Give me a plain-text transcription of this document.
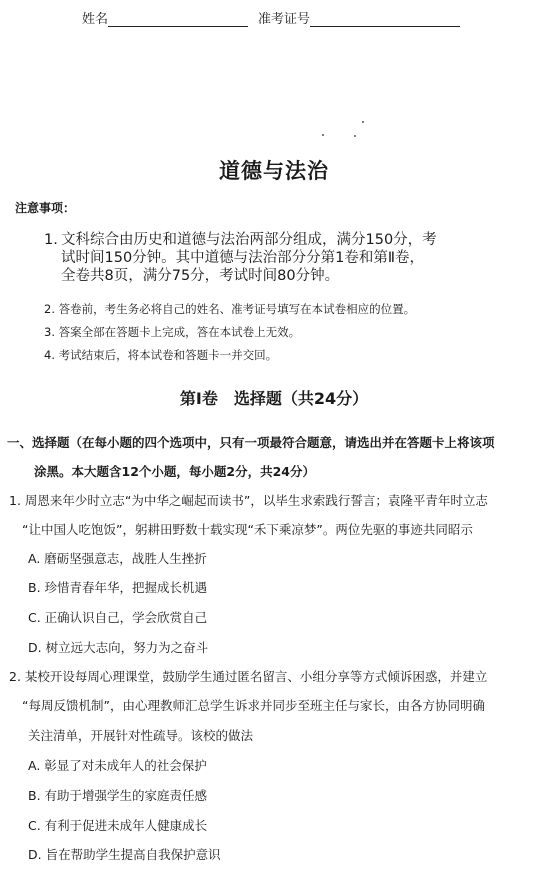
姓名	准考证号
道德与法治
注意事项：
1. 文科综合由历史和道德与法治两部分组成，满分150分，考
试时间150分钟。其中道德与法治部分分第1卷和第Ⅱ卷，
全卷共8页，满分75分，考试时间80分钟。
2. 答卷前，考生务必将自己的姓名、准考证号填写在本试卷相应的位置。
3. 答案全部在答题卡上完成，答在本试卷上无效。
4. 考试结束后，将本试卷和答题卡一并交回。
第Ⅰ卷　选择题（共24分）
一、选择题（在每小题的四个选项中，只有一项最符合题意，请选出并在答题卡上将该项
涂黑。本大题含12个小题，每小题2分，共24分）
1. 周恩来年少时立志“为中华之崛起而读书”，以毕生求索践行誓言；袁隆平青年时立志
“让中国人吃饱饭”，躬耕田野数十载实现“禾下乘凉梦”。两位先驱的事迹共同昭示
A. 磨砺坚强意志，战胜人生挫折
B. 珍惜青春年华，把握成长机遇
C. 正确认识自己，学会欣赏自己
D. 树立远大志向，努力为之奋斗
2. 某校开设每周心理课堂，鼓励学生通过匿名留言、小组分享等方式倾诉困惑，并建立
“每周反馈机制”，由心理教师汇总学生诉求并同步至班主任与家长，由各方协同明确
关注清单，开展针对性疏导。该校的做法
A. 彰显了对未成年人的社会保护
B. 有助于增强学生的家庭责任感
C. 有利于促进未成年人健康成长
D. 旨在帮助学生提高自我保护意识
